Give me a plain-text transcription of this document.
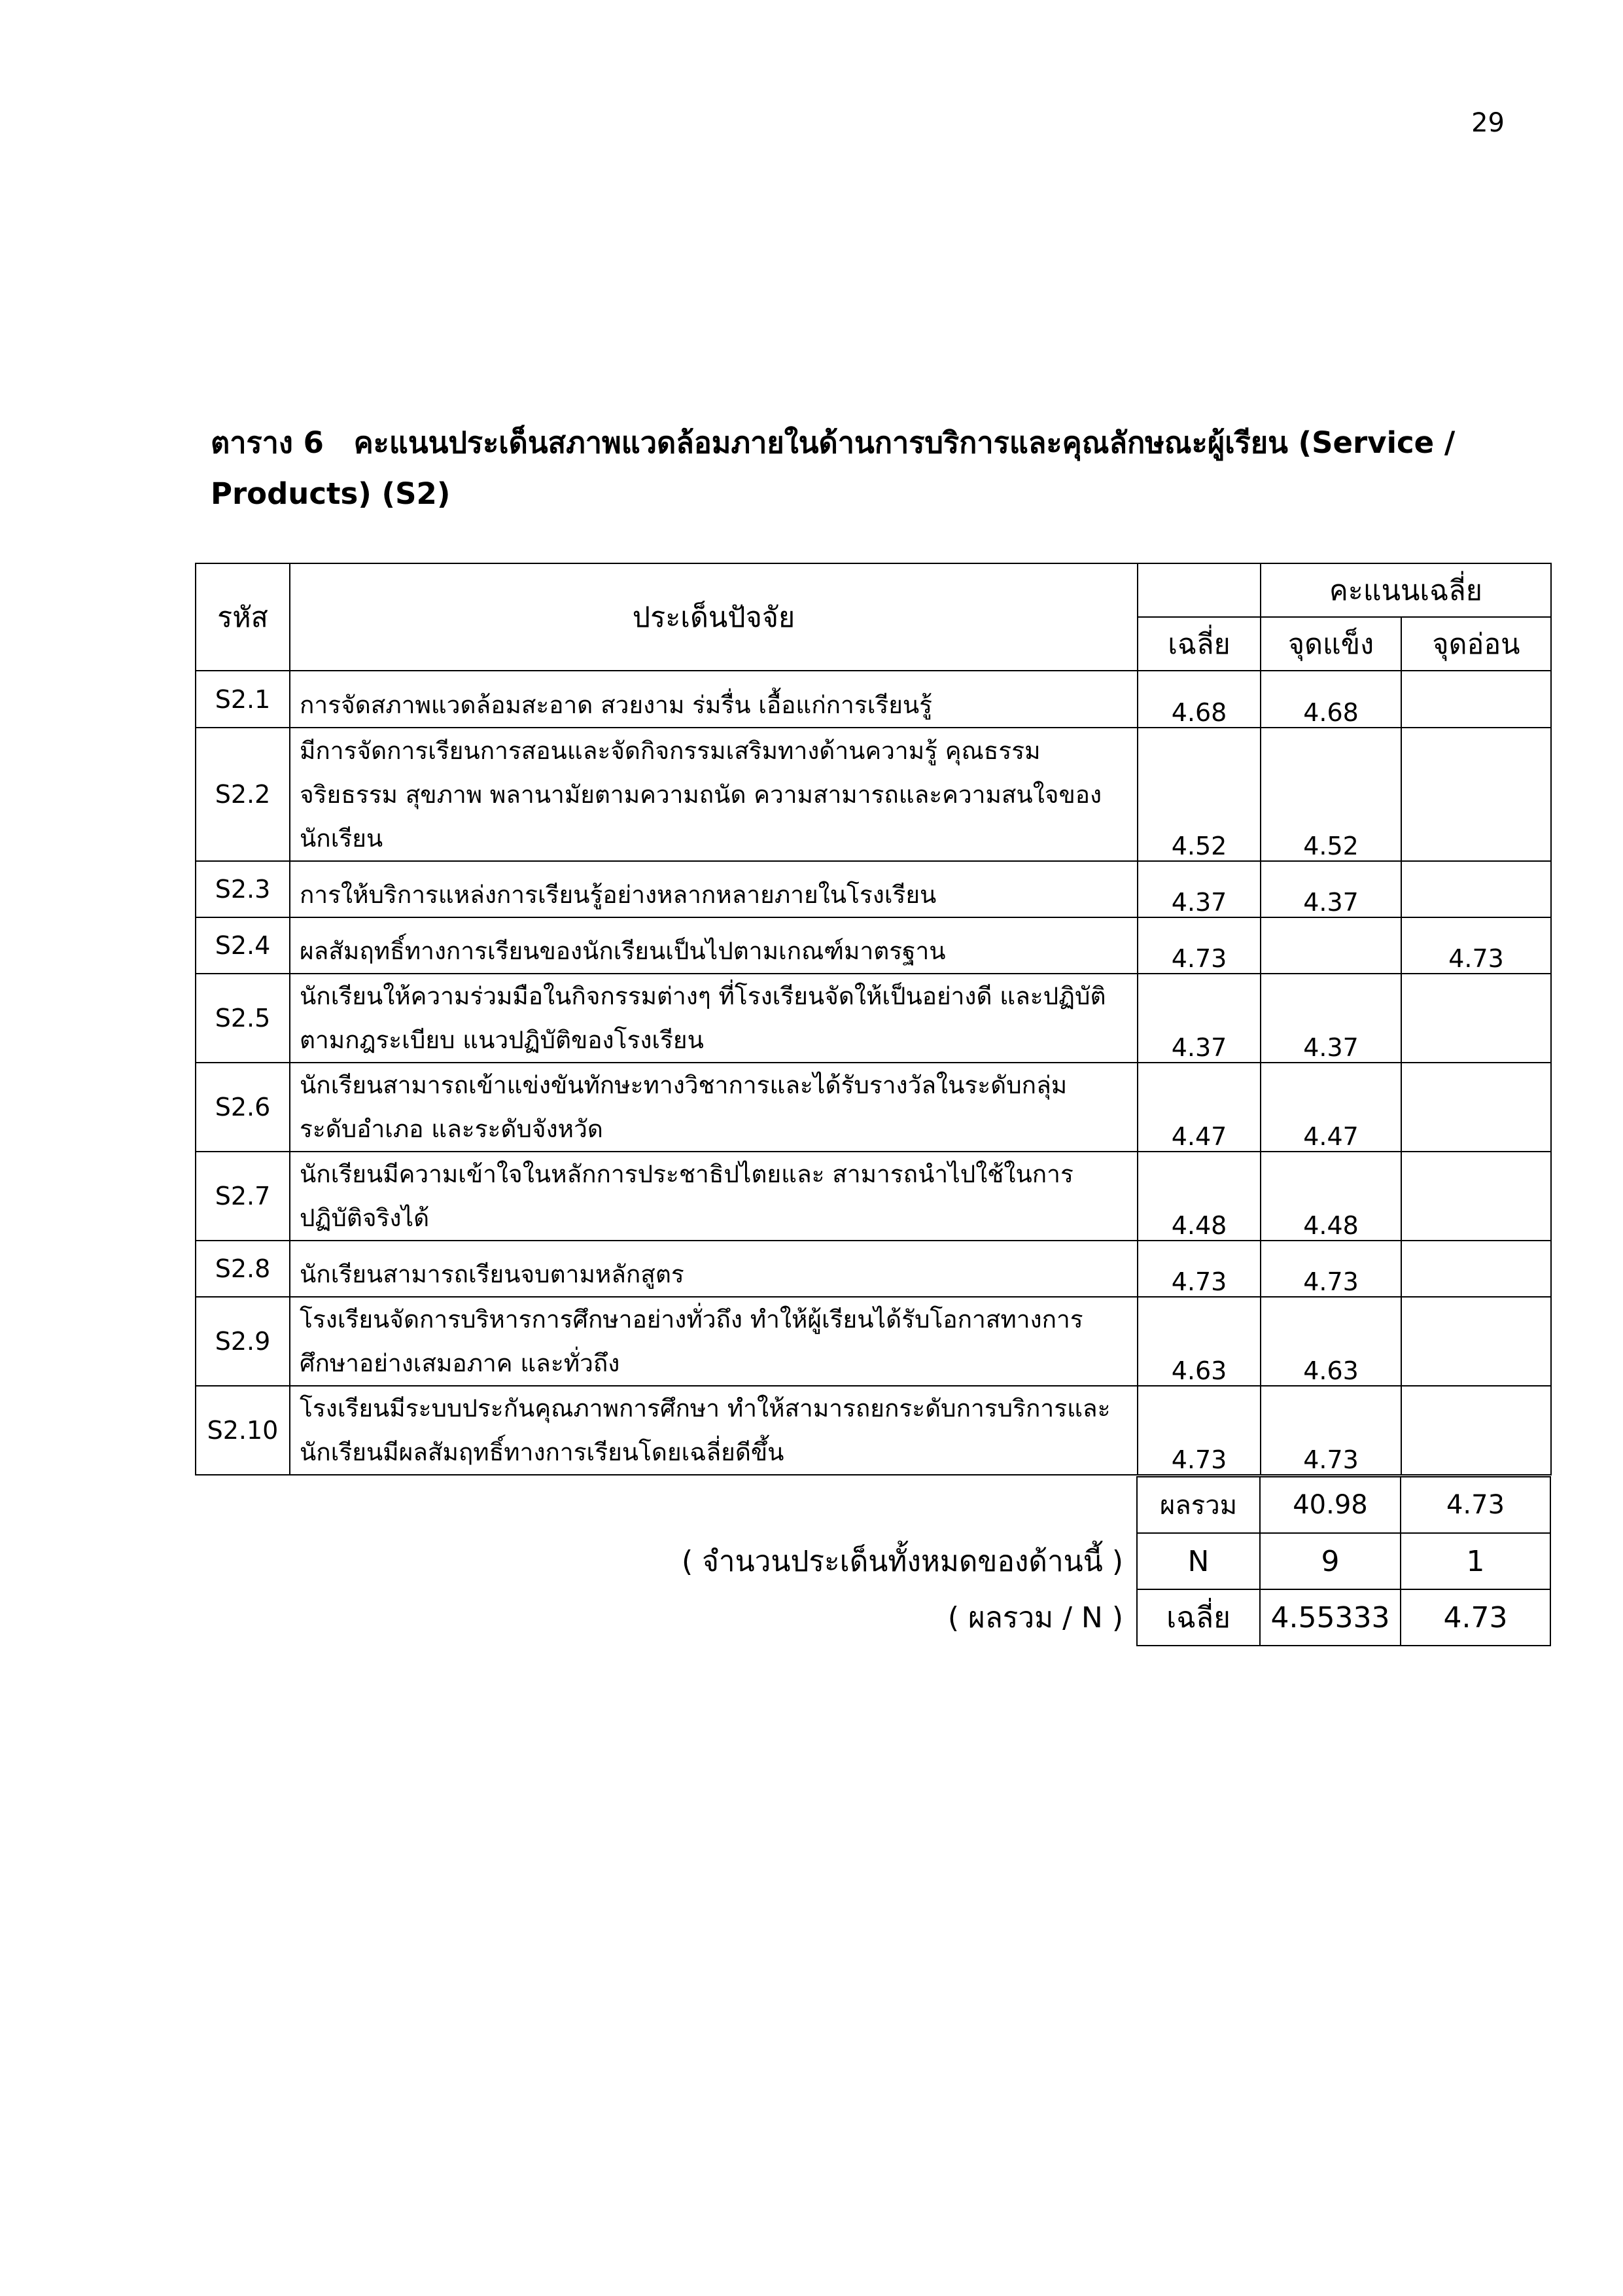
29
ตาราง 6 คะแนนประเด็นสภาพแวดล้อมภายในด้านการบริการและคุณลักษณะผู้เรียน (Service / Products) (S2)
รหัส	ประเด็นปัจจัย		คะแนนเฉลี่ย	
		เฉลี่ย	จุดแข็ง	จุดอ่อน
S2.1	การจัดสภาพแวดล้อมสะอาด สวยงาม ร่มรื่น เอื้อแก่การเรียนรู้	4.68	4.68	
S2.2	มีการจัดการเรียนการสอนและจัดกิจกรรมเสริมทางด้านความรู้ คุณธรรม จริยธรรม สุขภาพ พลานามัยตามความถนัด ความสามารถและความสนใจของนักเรียน	4.52	4.52	
S2.3	การให้บริการแหล่งการเรียนรู้อย่างหลากหลายภายในโรงเรียน	4.37	4.37	
S2.4	ผลสัมฤทธิ์ทางการเรียนของนักเรียนเป็นไปตามเกณฑ์มาตรฐาน	4.73		4.73
S2.5	นักเรียนให้ความร่วมมือในกิจกรรมต่างๆ ที่โรงเรียนจัดให้เป็นอย่างดี และปฏิบัติตามกฎระเบียบ แนวปฏิบัติของโรงเรียน	4.37	4.37	
S2.6	นักเรียนสามารถเข้าแข่งขันทักษะทางวิชาการและได้รับรางวัลในระดับกลุ่ม ระดับอำเภอ และระดับจังหวัด	4.47	4.47	
S2.7	นักเรียนมีความเข้าใจในหลักการประชาธิปไตยและ สามารถนำไปใช้ในการปฏิบัติจริงได้	4.48	4.48	
S2.8	นักเรียนสามารถเรียนจบตามหลักสูตร	4.73	4.73	
S2.9	โรงเรียนจัดการบริหารการศึกษาอย่างทั่วถึง ทำให้ผู้เรียนได้รับโอกาสทางการศึกษาอย่างเสมอภาค และทั่วถึง	4.63	4.63	
S2.10	โรงเรียนมีระบบประกันคุณภาพการศึกษา ทำให้สามารถยกระดับการบริการและนักเรียนมีผลสัมฤทธิ์ทางการเรียนโดยเฉลี่ยดีขึ้น	4.73	4.73	
	ผลรวม	40.98	4.73
( จำนวนประเด็นทั้งหมดของด้านนี้ )	N	9	1
( ผลรวม / N )	เฉลี่ย	4.55333	4.73
